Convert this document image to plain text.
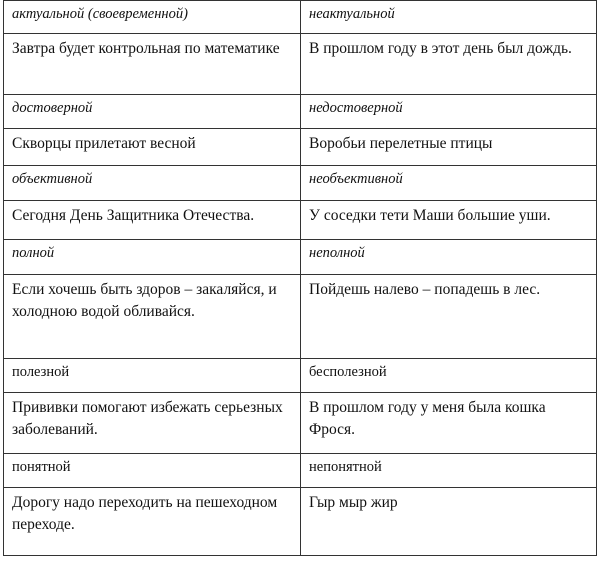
актуальной (своевременной)	неактуальной
Завтра будет контрольная по математике	В прошлом году в этот день был дождь.
достоверной	недостоверной
Скворцы прилетают весной	Воробьи перелетные птицы
объективной	необъективной
Сегодня День Защитника Отечества.	У соседки тети Маши большие уши.
полной	неполной
Если хочешь быть здоров – закаляйся, и холодною водой обливайся.	Пойдешь налево – попадешь в лес.
полезной	бесполезной
Прививки помогают избежать серьезных заболеваний.	В прошлом году у меня была кошка Фрося.
понятной	непонятной
Дорогу надо переходить на пешеходном переходе.	Гыр мыр жир
